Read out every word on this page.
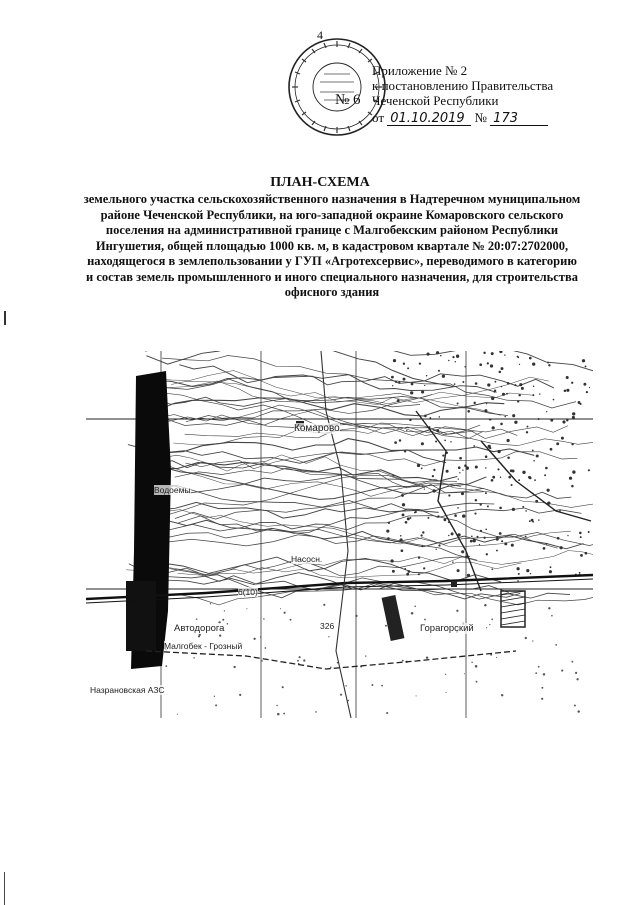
4
№ 6
Приложение № 2
к постановлению Правительства
Чеченской Республики
от 01.10.2019 № 173
ПЛАН-СХЕМА
земельного участка сельскохозяйственного назначения в Надтеречном муниципальном районе Чеченской Республики, на юго-западной окраине Комаровского сельского поселения на административной границе с Малгобекским районом Республики Ингушетия, общей площадью 1000 кв. м, в кадастровом квартале № 20:07:2702000, находящегося в землепользовании у ГУП «Агротехсервис», переводимого в категорию и состав земель промышленного и иного специального назначения, для строительства офисного здания
Комарово
Водоемы
6(10)
326
Автодорога
Малгобек - Грозный
Горагорский
Назрановская АЗС
Насосн.
